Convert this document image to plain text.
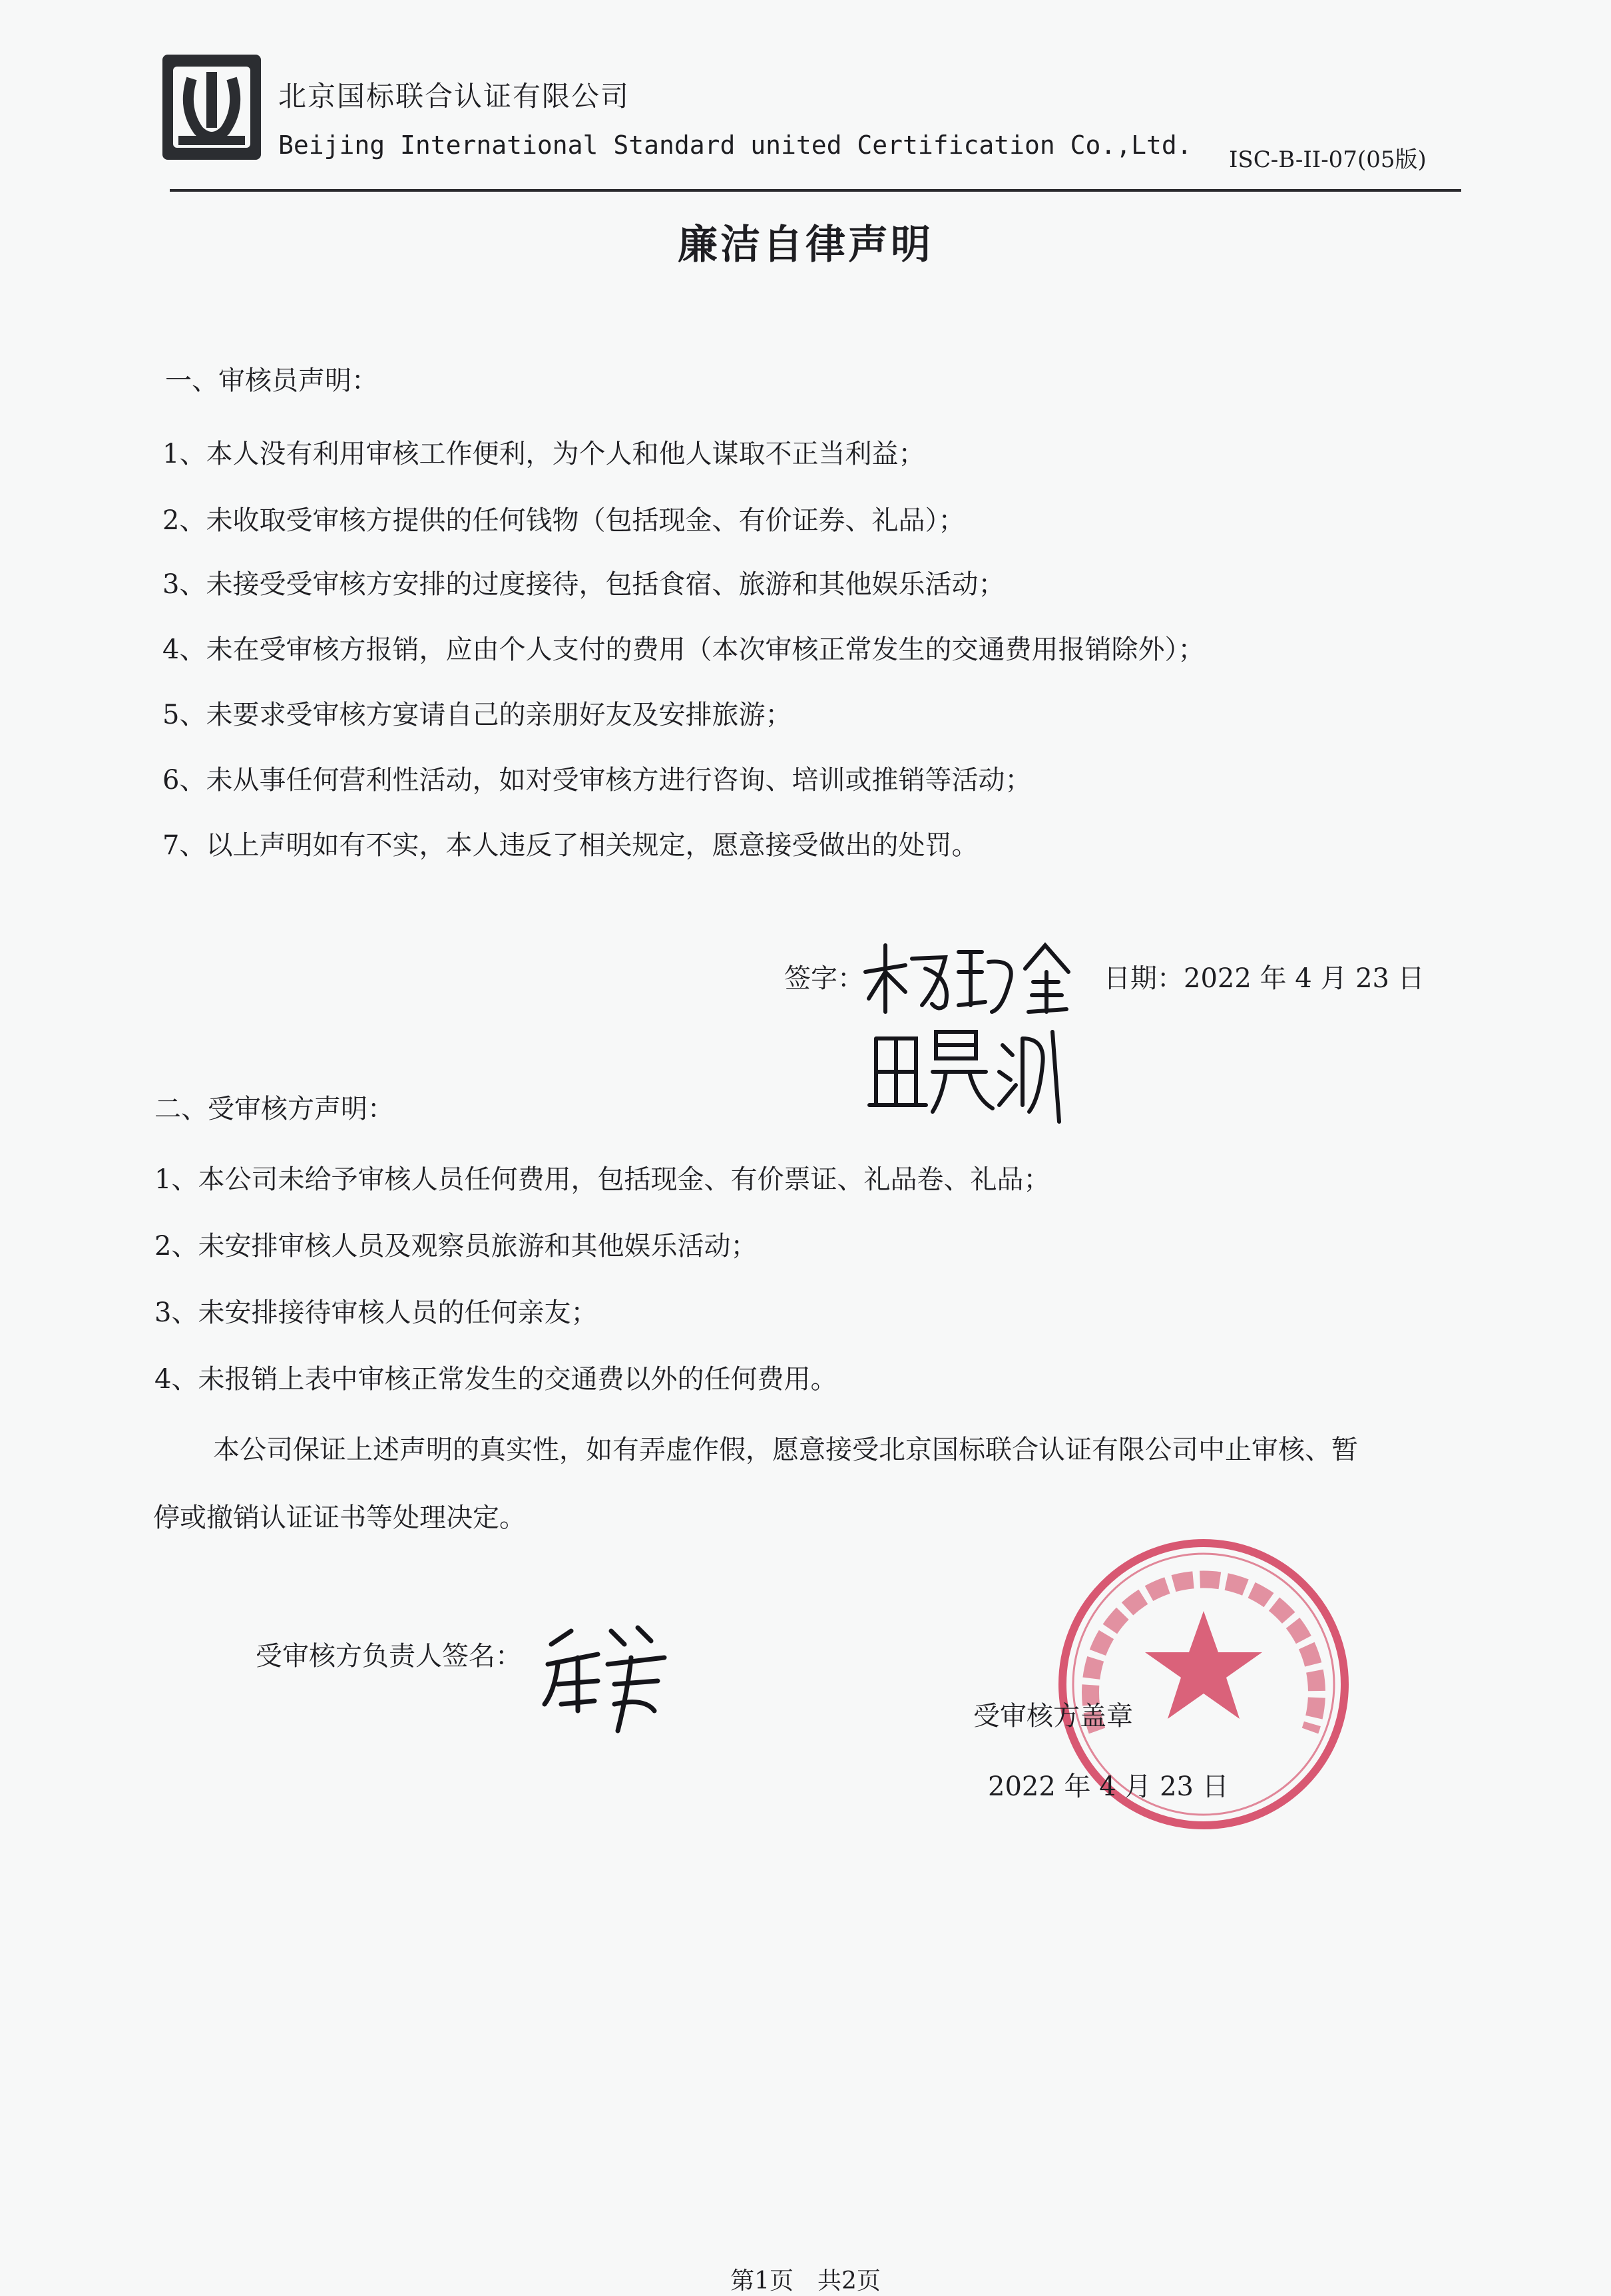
北京国标联合认证有限公司
Beijing International Standard united Certification Co.,Ltd. ISC-B-II-07(05版)
廉洁自律声明
一、审核员声明：
1、本人没有利用审核工作便利，为个人和他人谋取不正当利益；
2、未收取受审核方提供的任何钱物（包括现金、有价证券、礼品）；
3、未接受受审核方安排的过度接待，包括食宿、旅游和其他娱乐活动；
4、未在受审核方报销，应由个人支付的费用（本次审核正常发生的交通费用报销除外）；
5、未要求受审核方宴请自己的亲朋好友及安排旅游；
6、未从事任何营利性活动，如对受审核方进行咨询、培训或推销等活动；
7、以上声明如有不实，本人违反了相关规定，愿意接受做出的处罚。
签字：	日期：2022 年 4 月 23 日
二、受审核方声明：
1、本公司未给予审核人员任何费用，包括现金、有价票证、礼品卷、礼品；
2、未安排审核人员及观察员旅游和其他娱乐活动；
3、未安排接待审核人员的任何亲友；
4、未报销上表中审核正常发生的交通费以外的任何费用。
本公司保证上述声明的真实性，如有弄虚作假，愿意接受北京国标联合认证有限公司中止审核、暂
停或撤销认证证书等处理决定。
受审核方负责人签名：
受审核方盖章
2022 年 4 月 23 日
第1页　共2页
